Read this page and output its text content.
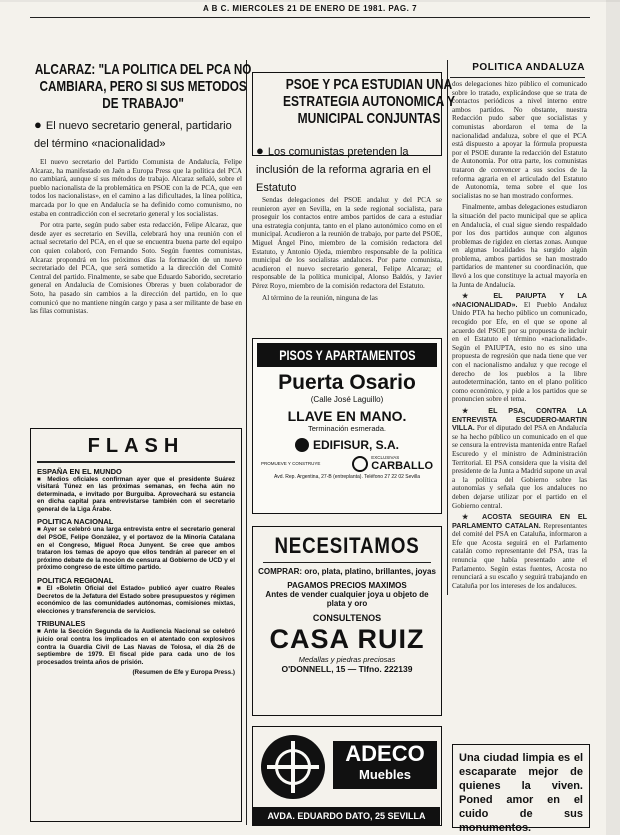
A B C. MIERCOLES 21 DE ENERO DE 1981. PAG. 7
POLITICA ANDALUZA
ALCARAZ: "LA POLITICA DEL PCA NO CAMBIARA, PERO SI SUS METODOS DE TRABAJO"
● El nuevo secretario general, partidario del término «nacionalidad»

El nuevo secretario del Partido Comunista de Andalucía, Felipe Alcaraz, ha manifestado en Jaén a Europa Press que la política del PCA no cambiará, aunque sí sus métodos de trabajo. Alcaraz señaló, sobre el pueblo nacionalista de la problemática en PSOE con la de PCA, que «en todos los nacionalistas», en el camino a las dificultades, la línea política, marcada por lo que en Andalucía se ha definido como comunismo, no estaba en contradicción con el secretario general y los socialistas.

Por otra parte, según pudo saber esta redacción, Felipe Alcaraz, que desde ayer es secretario en Sevilla, celebrará hoy una reunión con el actual secretario del PCA, en el que se encuentra buena parte del equipo con quien colaboró, con Fernando Soto. Según fuentes comunistas, Alcaraz propondrá en los próximos días la formación de un nuevo secretariado del PCA, que será sometido a la dirección del Comité Central del partido. Finalmente, se sabe que Eduardo Saborido, secretario general en Andalucía de Comisiones Obreras y buen colaborador de Soto, ha pasado sin cambios a la dirección del partido, en lo que comunicó que no mantiene ningún cargo y pasa a ser militante de base en las filas comunistas.

FLASH
ESPAÑA EN EL MUNDO
■ Medios oficiales confirman ayer que el presidente Suárez visitará Túnez en las próximas semanas, en fecha aún no determinada, e invitado por Burguiba. Aprovechará su estancia en dicha capital para entrevistarse también con el secretario general de la Liga Árabe.
POLITICA NACIONAL
■ Ayer se celebró una larga entrevista entre el secretario general del PSOE, Felipe González, y el portavoz de la Minoría Catalana en el Congreso, Miguel Roca Junyent. Se cree que ambos trataron los temas de apoyo que ellos tendrán al parecer en el próximo debate de la moción de censura al Gobierno de UCD y el próximo congreso de este último partido.
POLITICA REGIONAL
■ El «Boletín Oficial del Estado» publicó ayer cuatro Reales Decretos de la Jefatura del Estado sobre presupuestos y régimen económico de las comunidades autónomas, comisiones mixtas, elecciones y transferencia de servicios.
TRIBUNALES
■ Ante la Sección Segunda de la Audiencia Nacional se celebró juicio oral contra los implicados en el atentado con explosivos contra la Guardia Civil de Las Navas de Tolosa, el día 26 de septiembre de 1979. El fiscal pide para cada uno de los procesados treinta años de prisión.
(Resumen de Efe y Europa Press.)
PSOE Y PCA ESTUDIAN UNA ESTRATEGIA AUTONOMICA Y MUNICIPAL CONJUNTAS
● Los comunistas pretenden la inclusión de la reforma agraria en el Estatuto

Sendas delegaciones del PSOE andaluz y del PCA se reunieron ayer en Sevilla, en la sede regional socialista, para proseguir los contactos entre ambos partidos de cara a estudiar una estrategia conjunta, tanto en el plano autonómico como en el municipal. Acudieron a la reunión de trabajo, por parte del PSOE, Miguel Ángel Pino, miembro de la comisión redactora del Estatuto, y Antonio Ojeda, miembro responsable de la política municipal de los socialistas andaluces. Por parte comunista, acudieron el nuevo secretario general, Felipe Alcaraz; el responsable de la política municipal, Alonso Baldós, y Javier Pérez Royo, miembro de la comisión redactora del Estatuto.

Al término de la reunión, ninguna de las

PISOS Y APARTAMENTOS
Puerta Osario
(Calle José Laguillo)
LLAVE EN MANO.
Terminación esmerada.
EDIFISUR, S.A.
PROMUEVE Y CONSTRUYE
EXCLUSIVAS
CARBALLO
Avd. Rep. Argentina, 27-B (entreplanta). Teléfono 27 22 02 Sevilla
NECESITAMOS
COMPRAR: oro, plata, platino, brillantes, joyas
PAGAMOS PRECIOS MAXIMOS
Antes de vender cualquier joya u objeto de plata y oro
CONSULTENOS
CASA RUIZ
Medallas y piedras preciosas
O'DONNELL, 15 — Tlfno. 222139
ADECO
Muebles
AVDA. EDUARDO DATO, 25 SEVILLA

dos delegaciones hizo público el comunicado sobre lo tratado, explicándose que se trata de contactos periódicos a nivel interno entre ambos partidos. No obstante, nuestra Redacción pudo saber que socialistas y comunistas abordaron el tema de la nacionalidad andaluza, sobre el que el PCA está dispuesto a apoyar la fórmula propuesta por el PSOE durante la redacción del Estatuto de Autonomía. Por otra parte, los comunistas trataron de convencer a sus socios de la reforma agraria en el articulado del Estatuto de Autonomía, tema sobre el que los socialistas no se han mostrado conformes.

Finalmente, ambas delegaciones estudiaron la situación del pacto municipal que se aplica en Andalucía, el cual sigue siendo respaldado por los dos partidos aunque con algunos problemas de rigidez en ciertas zonas. Aunque en algunas localidades ha surgido algún problema, ambos partidos se han mostrado partidarios de mantener su coordinación, que llevó a los que constituye la actual mayoría en la Junta de Andalucía.

★ EL PAIUPTA Y LA «NACIONALIDAD». El Pueblo Andaluz Unido PTA ha hecho público un comunicado, recogido por Efe, en el que se opone al acuerdo del PSOE por su propuesta de incluir en el Estatuto el término «nacionalidad». Según el PAIUPTA, esto no es sino una propuesta de regresión que nada tiene que ver con el nacionalismo andaluz y que recoge el derecho de los pueblos a la libre autodeterminación, tanto en el plano político como económico, y pide a los partidos que se pronuncien sobre el tema.

★ EL PSA, CONTRA LA ENTREVISTA ESCUDERO-MARTIN VILLA. Por el diputado del PSA en Andalucía se ha hecho público un comunicado en el que se censura la entrevista mantenida entre Rafael Escuredo y el ministro de Administración Territorial. El PSA considera que la visita del presidente de la Junta a Madrid supone un aval a la política del Gobierno sobre las autonomías y señala que los andaluces no deben dejarse utilizar por el partido en el Gobierno central.

★ ACOSTA SEGUIRA EN EL PARLAMENTO CATALAN. Representantes del comité del PSA en Cataluña, informaron a Efe que Acosta seguirá en el Parlamento catalán como representante del PSA, tras la renuncia que había presentado ante el Parlamento. Según estas fuentes, Acosta no renunciará a su escaño y seguirá trabajando en Cataluña por los intereses de los andaluces.

Una ciudad limpia es el escaparate mejor de quienes la viven. Poned amor en el cuido de sus monumentos.
